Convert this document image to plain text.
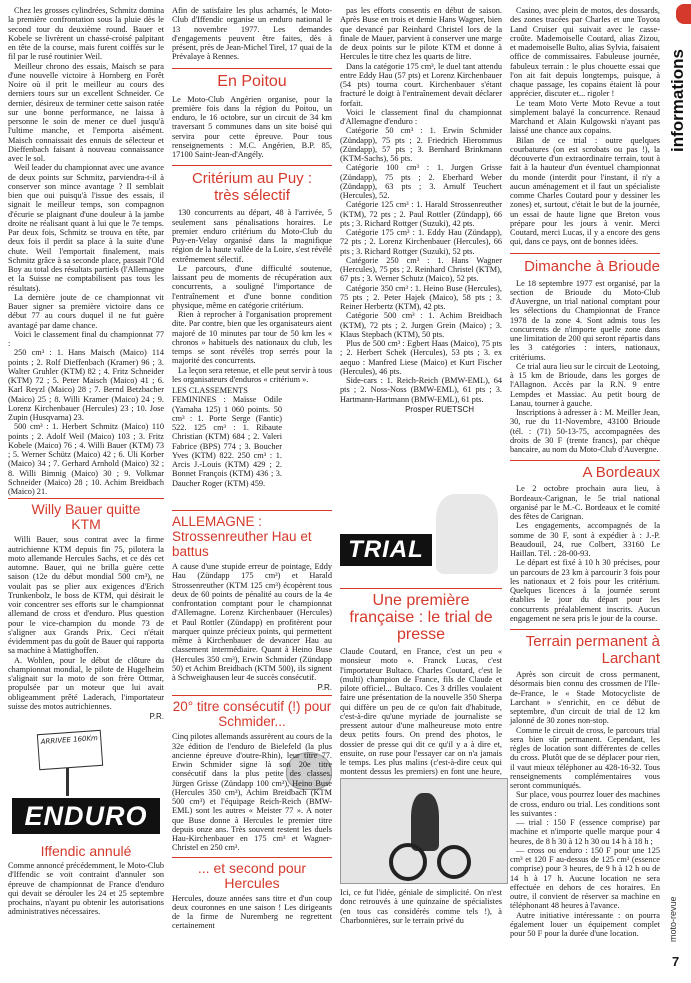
Chez les grosses cylindrées, Schmitz domina la première confrontation sous la pluie dès le second tour du deuxième round. Bauer et Kobele se livrèrent un chassé-croisé palpitant en tête de la course, mais furent coiffés sur le fil par le rusé routinier Weil.

Meilleur chrono des essais, Maisch se para d'une nouvelle victoire à Hornberg en Forêt Noire où il prit le meilleur au cours des derniers tours sur un excellent Schneider. Ce dernier, désireux de terminer cette saison ratée sur une bonne performance, ne laissa à personne le soin de mener ce duel jusqu'à l'ultime manche, et l'emporta aisément. Maisch connaissait des ennuis de sélecteur et Dieffenbach faisant à nouveau connaissance avec le sol.

Weil leader du championnat avec une avance de deux points sur Schmitz, parviendra-t-il à conserver son mince avantage ? Il semblait bien que oui puisqu'à l'issue des essais, il signait le meilleur temps, son compagnon d'écurie se plaignant d'une douleur à la jambe droite ne réalisant quant à lui que le 7e temps. Par deux fois, Schmitz se trouva en tête, par deux fois il perdit sa place à la suite d'une chute. Weil l'emportait finalement, mais Schmitz grâce à sa seconde place, passait l'Old Boy au total des résultats partiels (l'Allemagne et la Suisse ne comptabilisent pas tous les résultats).

La dernière joute de ce championnat vit Bauer signer sa première victoire dans ce début 77 au cours duquel il ne fut guère avantagé par dame chance.

Voici le classement final du championnat 77 :

250 cm³ : 1. Hans Maisch (Maico) 114 points ; 2. Rolf Dieffenbach (Kramer) 96 ; 3. Walter Gruhler (KTM) 82 ; 4. Fritz Schneider (KTM) 72 ; 5. Peter Maisch (Maico) 41 ; 6. Karl Reyzl (Maico) 28 ; 7. Bernd Betzbacher (Maico) 25 ; 8. Willi Kramer (Maico) 24 ; 9. Lorenz Kirchenbauer (Hercules) 23 ; 10. Jose Zupin (Husqvarna) 23.

500 cm³ : 1. Herbert Schmitz (Maico) 110 points ; 2. Adolf Weil (Maico) 103 ; 3. Fritz Kobele (Maico) 76 ; 4. Willi Bauer (KTM) 73 ; 5. Werner Schütz (Maico) 42 ; 6. Uli Korber (Maico) 34 ; 7. Gerhard Arnhold (Maico) 32 ; 8. Willi Bimnig (Maico) 30 ; 9. Volkmar Schneider (Maico) 28 ; 10. Achim Breidbach (Maico) 21.

Willy Bauer quitte KTM

Willi Bauer, sous contrat avec la firme autrichienne KTM depuis fin 75, pilotera la moto allemande Hercules Sachs, et ce dès cet automne. Bauer, qui ne brilla guère cette saison (12e du début mondial 500 cm³), ne voulait pas se plier aux exigences d'Erich Trunkenbolz, le boss de KTM, qui désirait le voir concentrer ses efforts sur le championnat allemand de cross et d'enduro. Plus question pour le vice-champion du monde 73 de s'aligner aux Grands Prix. Ceci n'était évidemment pas du goût de Bauer qui rapporta sa machine à Mattighoffen.

A. Wohlen, pour le début de clôture du championnat mondial, le pilote de Hugelheim s'alignait sur la moto de son frère Ottmar, propulsée par un moteur que lui avait obligeamment prêté Laderach, l'importateur suisse des motos autrichiennes.

P.R.
ARRIVEE 160Km
ENDURO
Iffendic annulé
Comme annoncé précédemment, le Moto-Club d'Iffendic se voit contraint d'annuler son épreuve de championnat de France d'enduro qui devait se dérouler les 24 et 25 septembre prochains, n'ayant pu obtenir les autorisations administratives nécessaires.
Afin de satisfaire les plus acharnés, le Moto-Club d'Iffendic organise un enduro national le 13 novembre 1977. Les demandes d'engagements peuvent être faites, dès à présent, près de Jean-Michel Tirel, 17 quai de la Prévalaye à Rennes.
En Poitou
Le Moto-Club Angérien organise, pour la première fois dans la région du Poitou, un enduro, le 16 octobre, sur un circuit de 34 km traversant 5 communes dans un site boisé qui servira pour cette épreuve. Pour tous renseignements : M.C. Angérien, B.P. 85, 17100 Saint-Jean-d'Angély.
Critérium au Puy : très sélectif

130 concurrents au départ, 48 à l'arrivée, 5 seulement sans pénalisations horaires. Le premier enduro critérium du Moto-Club du Puy-en-Velay organisé dans la magnifique région de la haute vallée de la Loire, s'est révélé extrêmement sélectif.

Le parcours, d'une difficulté soutenue, laissant peu de moments de récupération aux concurrents, a souligné l'importance de l'entraînement et d'une bonne condition physique, même en catégorie critérium.

Rien à reprocher à l'organisation proprement dite. Par contre, bien que les organisateurs aient majoré de 10 minutes par tour de 50 km les « chronos » habituels des nationaux du club, les temps se sont révélés trop serrés pour la majorité des concurrents.

La leçon sera retenue, et elle peut servir à tous les organisateurs d'enduros « critérium ».

LES CLASSEMENTS
FEMININES : Maïsse Odile (Yamaha 125) 1 060 points. 50 cm³ : 1. Porte Serge (Fantic) 522. 125 cm³ : 1. Ribaute Christian (KTM) 684 ; 2. Valeri Fabrice (BPS) 774 ; 3. Boucher Yves (KTM) 822. 250 cm³ : 1. Arcis J.-Louis (KTM) 429 ; 2. Bonnet François (KTM) 436 ; 3. Daucher Roger (KTM) 459.
ALLEMAGNE : Strossenreuther Hau et battus
A cause d'une stupide erreur de pointage, Eddy Hau (Zündapp 175 cm³) et Harald Strossenreuther (KTM 125 cm³) écopèrent tous deux de 60 points de pénalité au cours de la 4e confrontation comptant pour le championnat d'Allemagne. Lorenz Kirchenbauer (Hercules) et Paul Rottler (Zündapp) en profitèrent pour marquer quinze précieux points, qui permettent même à Kirchenbauer de devancer Hau au classement intermédiaire. Quant à Heino Buse (Hercules 350 cm³), Erwin Schmider (Zündapp 50) et Achim Breidbach (KTM 500), ils signent à Schweighausen leur 4e succès consécutif.
P.R.
20° titre consécutif (!) pour Schmider...
Cinq pilotes allemands assurèrent au cours de la 32e édition de l'enduro de Bielefeld (la plus ancienne épreuve d'outre-Rhin), leur titre 77. Erwin Schmider signe là son 20e titre consécutif dans la plus petite des classes. Jürgen Grisse (Zündapp 100 cm³), Heino Buse (Hercules 350 cm³), Achim Breidbach (KTM 500 cm³) et l'équipage Reich-Reich (BMW-EML) sont les autres « Meister 77 ». A noter que Buse donne à Hercules le premier titre depuis onze ans. Très souvent restent les duels Hau-Kirchenbauer en 175 cm³ et Wagner-Christel en 250 cm³.
... et second pour Hercules
Hercules, douze années sans titre et d'un coup deux couronnes en une saison ! Les dirigeants de la firme de Nuremberg ne regrettent certainement

pas les efforts consentis en début de saison. Après Buse en trois et demie Hans Wagner, bien que devancé par Reinhard Christel lors de la finale de Mauer, parvient à conserver une marge de deux points sur le pilote KTM et donne à Hercules le titre chez les quarts de litre.

Dans la catégorie 175 cm³, le duel tant attendu entre Eddy Hau (57 pts) et Lorenz Kirchenbauer (54 pts) tourna court. Kirchenbauer s'étant fracturé le doigt à l'entraînement devait déclarer forfait.

Voici le classement final du championnat d'Allemagne d'enduro :

Catégorie 50 cm³ : 1. Erwin Schmider (Zündapp), 75 pts ; 2. Friedrich Hierommus (Zündapp), 57 pts ; 3. Bernhard Brinkmann (KTM-Sachs), 56 pts.

Catégorie 100 cm³ : 1. Jurgen Grisse (Zündapp), 75 pts ; 2. Eberhard Weber (Zündapp), 63 pts ; 3. Arnulf Teuchert (Hercules), 52.

Catégorie 125 cm³ : 1. Harald Strossenreuther (KTM), 72 pts ; 2. Paul Rottler (Zündapp), 66 pts ; 3. Richard Rottger (Suzuki), 42 pts.

Catégorie 175 cm³ : 1. Eddy Hau (Zündapp), 72 pts ; 2. Lorenz Kirchenbauer (Hercules), 66 pts ; 3. Richard Rottger (Suzuki), 52 pts.

Catégorie 250 cm³ : 1. Hans Wagner (Hercules), 75 pts ; 2. Reinhard Christel (KTM), 67 pts ; 3. Werner Schutz (Maico), 52 pts.

Catégorie 350 cm³ : 1. Heino Buse (Hercules), 75 pts ; 2. Peter Hajek (Maico), 58 pts ; 3. Reiner Herbertz (KTM), 42 pts.

Catégorie 500 cm³ : 1. Achim Breidbach (KTM), 72 pts ; 2. Jurgen Grein (Maico) ; 3. Klaus Stepbach (KTM), 50 pts.

Plus de 500 cm³ : Egbert Haas (Maico), 75 pts ; 2. Herbert Schek (Hercules), 53 pts ; 3. ex aequo : Manfred Liese (Maico) et Kurt Fischer (Hercules), 46 pts.

Side-cars : 1. Reich-Reich (BMW-EML), 64 pts ; 2. Noss-Noss (BMW-EML), 61 pts ; 3. Hartmann-Hartmann (BMW-EML), 61 pts.

Prosper RUETSCH
TRIAL
Une première française : le trial de presse
Claude Coutard, en France, c'est un peu « monsieur moto ». Franck Lucas, c'est l'importateur Bultaco. Charles Coutard, c'est le (multi) champion de France, fils de Claude et pilote officiel... Bultaco. Ces 3 drilles voulaient faire une présentation de la nouvelle 350 Sherpa qui diffère un peu de ce qu'on fait d'habitude, c'est-à-dire qu'une myriade de journaliste se pressent autour d'une malheureuse moto entre deux petits fours. On prend des photos, le dossier de presse qui dit ce qu'il y a à dire et, ensuite, on ruse pour l'essayer car on n'a jamais le temps. Les plus malins (c'est-à-dire ceux qui montent dessus les premiers) en font une heure,
Ici, ce fut l'idée, géniale de simplicité. On n'est donc retrouvés à une quinzaine de spécialistes (en tous cas considérés comme tels !), à Charbonnières, sur le terrain privé du

Casino, avec plein de motos, des dossards, des zones tracées par Charles et une Toyota Land Cruiser qui suivait avec le casse-croûte. Mademoiselle Coutard, alias Zizou, et mademoiselle Bulto, alias Sylvia, faisaient office de commissaires. Fabuleuse journée, fabuleux terrain : le plus chouette essai que l'on ait fait depuis longtemps, puisque, à chaque passage, les copains étaient là pour apprécier, discuter et... rigoler !

Le team Moto Verte Moto Revue a tout simplement balayé la concurrence. Renaud Marchand et Alain Kulgowski n'ayant pas laissé une chance aux copains.

Bilan de ce trial : outre quelques courbatures (on est scrobats ou pas !), la découverte d'un extraordinaire terrain, tout à fait à la hauteur d'un éventuel championnat du monde (interdit pour l'instant, il n'y a aucun aménagement et il faut un spécialiste comme Charles Coutard pour y dessiner les zones) et, surtout, c'était le but de la journée, un essai de haute ligne que Breton vous prépare pour les jours à venir. Merci Coutard, merci Lucas, il y a encore des gens qui, dans ce pays, ont de bonnes idées.

Dimanche à Brioude

Le 18 septembre 1977 est organisé, par la section de Brioude du Moto-Club d'Auvergne, un trial national comptant pour les sélections du Championnat de France 1978 de la zone 4. Sont admis tous les concurrents de n'importe quelle zone dans une limitation de 200 qui seront répartis dans les 3 catégories : inters, nationaux, critériums.

Ce trial aura lieu sur le circuit de Leotoing, à 15 km de Brioude, dans les gorges de l'Allagnon. Accès par la R.N. 9 entre Lempdes et Massiac. Au petit bourg de Lanau, tourner à gauche.

Inscriptions à adresser à : M. Meiller Jean, 30, rue du 11-Novembre, 43100 Brioude (tél. : (71) 50-13-75, accompagnées des droits de 30 F (trente francs), par chèque bancaire, au nom du Moto-Club d'Auvergne.

A Bordeaux

Le 2 octobre prochain aura lieu, à Bordeaux-Carignan, le 5e trial national organisé par le M.-C. Bordeaux et le comité des fêtes de Carignan.

Les engagements, accompagnés de la somme de 30 F, sont à expédier à : J.-P. Beaudouil, 24, rue Colbert, 33160 Le Haillan. Tél. : 28-00-93.

Le départ est fixé à 10 h 30 précises, pour un parcours de 23 km à parcourir 3 fois pour les nationaux et 2 fois pour les critérium. Quelques licences à la journée seront établies le jour du départ pour les concurrents préalablement inscrits. Aucun engagement ne sera pris le jour de la course.

Terrain permanent à Larchant

Après son circuit de cross permanent, désormais bien connu des crossmen de l'Ile-de-France, le « Stade Motocycliste de Larchant » s'enrichit, en ce début de septembre, d'un circuit de trial de 12 km jalonné de 30 zones non-stop.

Comme le circuit de cross, le parcours trial sera bien sûr permanent. Cependant, les règles de location sont différentes de celles du cross. Plutôt que de se déplacer pour rien, il vaut mieux téléphoner au 428-16-32. Tous renseignements complémentaires vous seront communiqués.

Sur place, vous pourrez louer des machines de cross, enduro ou trial. Les conditions sont les suivantes :

— trial : 150 F (essence comprise) par machine et n'importe quelle marque pour 4 heures, de 8 h 30 à 12 h 30 ou 14 h à 18 h ;

— cross ou enduro : 150 F pour une 125 cm³ et 120 F au-dessus de 125 cm³ (essence comprise) pour 3 heures, de 9 h à 12 h ou de 14 h à 17 h. Aucune location ne sera effectuée en dehors de ces horaires. En outre, il convient de réserver sa machine en téléphonant 48 heures à l'avance.

Autre initiative intéressante : on pourra également louer un équipement complet pour 50 F pour la durée d'une location.

informations
moto-revue
7
